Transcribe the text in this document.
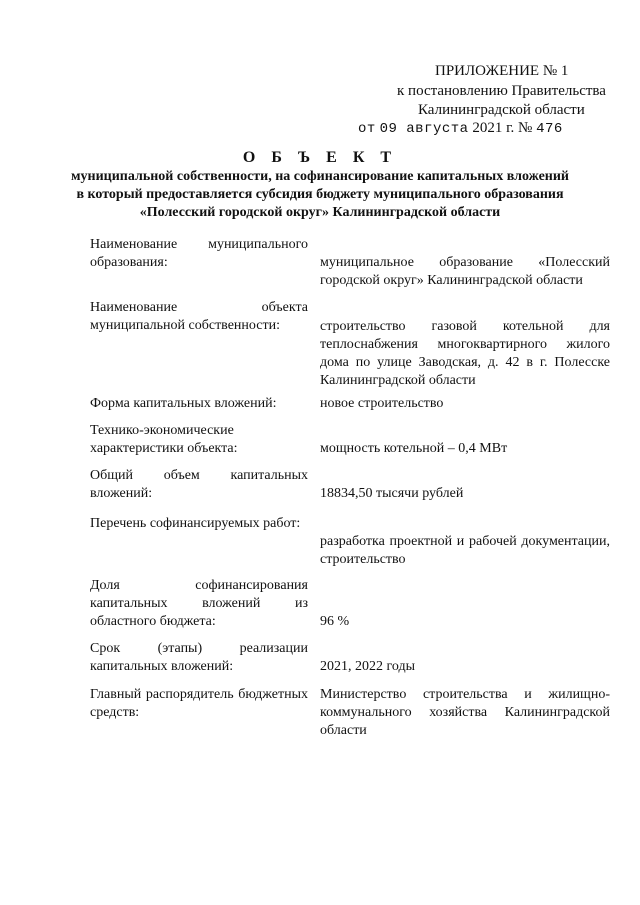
ПРИЛОЖЕНИЕ № 1
к постановлению Правительства
Калининградской области
от 09 августа 2021 г. № 476
О Б Ъ Е К Т
муниципальной собственности, на софинансирование капитальных вложений
в который предоставляется субсидия бюджету муниципального образования
«Полесский городской округ» Калининградской области
Наименование муниципального образования:	муниципальное образование «Полесский городской округ» Калининградской области
Наименование объекта муниципальной собственности:	строительство газовой котельной для теплоснабжения многоквартирного жилого дома по улице Заводская, д. 42 в г. Полесске Калининградской области
Форма капитальных вложений:	новое строительство
Технико-экономические характеристики объекта:	мощность котельной – 0,4 МВт
Общий объем капитальных вложений:	18834,50 тысячи рублей
Перечень софинансируемых работ:
разработка проектной и рабочей документации, строительство
Доля софинансирования капитальных вложений из областного бюджета:	96 %
Срок (этапы) реализации капитальных вложений:	2021, 2022 годы
Главный распорядитель бюджетных средств:
Министерство строительства и жилищно-коммунального хозяйства Калининградской области
